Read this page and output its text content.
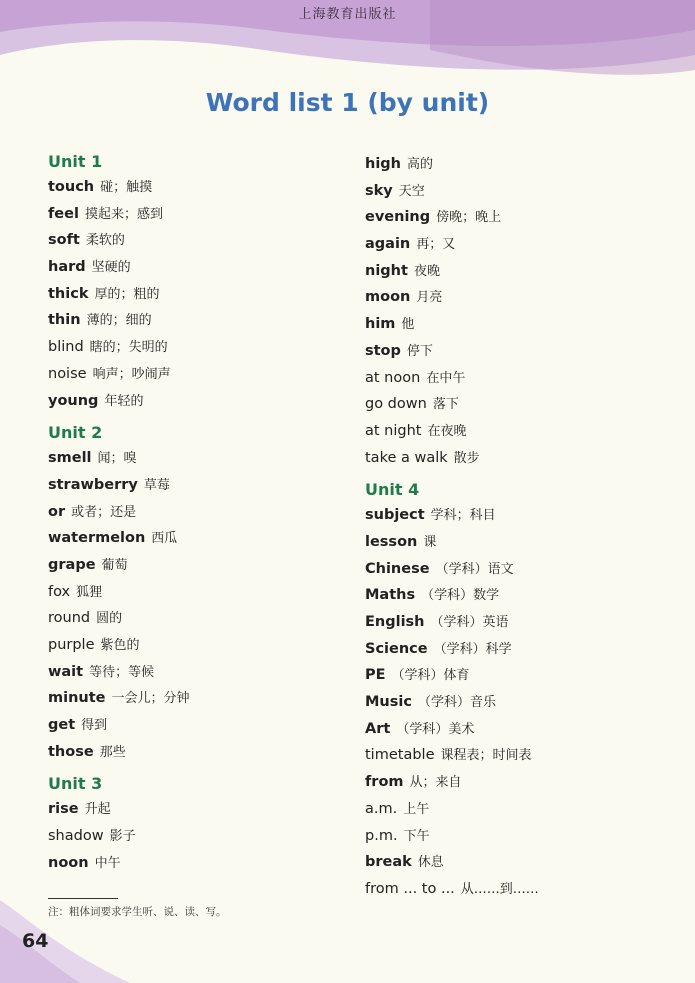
上海教育出版社
Word list 1 (by unit)
Unit 1
touch 碰；触摸
feel 摸起来；感到
soft 柔软的
hard 坚硬的
thick 厚的；粗的
thin 薄的；细的
blind 瞎的；失明的
noise 响声；吵闹声
young 年轻的
Unit 2
smell 闻；嗅
strawberry 草莓
or 或者；还是
watermelon 西瓜
grape 葡萄
fox 狐狸
round 圆的
purple 紫色的
wait 等待；等候
minute 一会儿；分钟
get 得到
those 那些
Unit 3
rise 升起
shadow 影子
noon 中午
high 高的
sky 天空
evening 傍晚；晚上
again 再；又
night 夜晚
moon 月亮
him 他
stop 停下
at noon 在中午
go down 落下
at night 在夜晚
take a walk 散步
Unit 4
subject 学科；科目
lesson 课
Chinese （学科）语文
Maths （学科）数学
English （学科）英语
Science （学科）科学
PE （学科）体育
Music （学科）音乐
Art （学科）美术
timetable 课程表；时间表
from 从；来自
a.m. 上午
p.m. 下午
break 休息
from ... to ... 从……到……
注：粗体词要求学生听、说、读、写。
64
